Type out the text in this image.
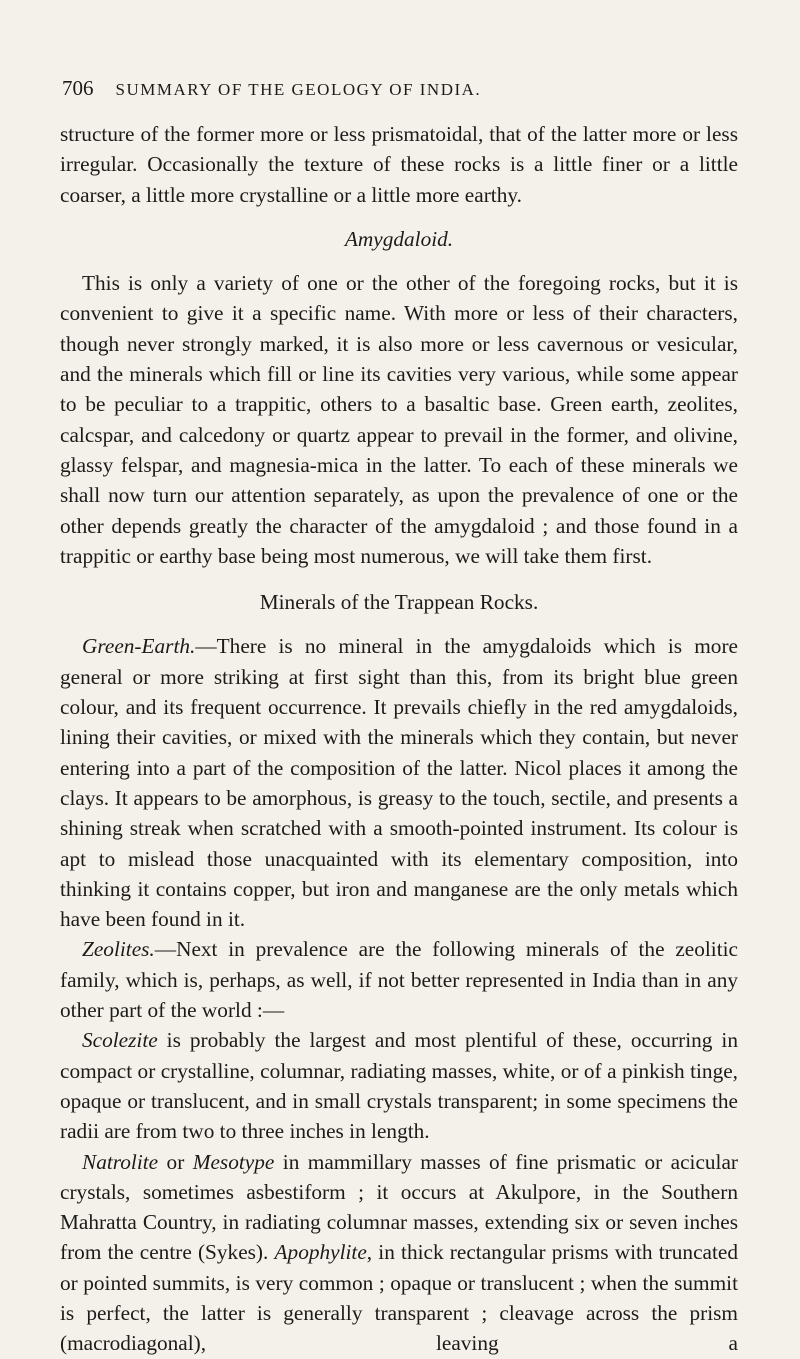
706 SUMMARY OF THE GEOLOGY OF INDIA.

structure of the former more or less prismatoidal, that of the latter more or less irregular. Occasionally the texture of these rocks is a little finer or a little coarser, a little more crystalline or a little more earthy.

Amygdaloid.

This is only a variety of one or the other of the foregoing rocks, but it is convenient to give it a specific name. With more or less of their characters, though never strongly marked, it is also more or less cavernous or vesicular, and the minerals which fill or line its cavities very various, while some appear to be peculiar to a trappitic, others to a basaltic base. Green earth, zeolites, calcspar, and calcedony or quartz appear to prevail in the former, and olivine, glassy felspar, and magnesia-mica in the latter. To each of these minerals we shall now turn our attention separately, as upon the prevalence of one or the other depends greatly the character of the amygdaloid ; and those found in a trappitic or earthy base being most numerous, we will take them first.

Minerals of the Trappean Rocks.

Green-Earth.—There is no mineral in the amygdaloids which is more general or more striking at first sight than this, from its bright blue green colour, and its frequent occurrence. It prevails chiefly in the red amygdaloids, lining their cavities, or mixed with the minerals which they contain, but never entering into a part of the composition of the latter. Nicol places it among the clays. It appears to be amorphous, is greasy to the touch, sectile, and presents a shining streak when scratched with a smooth-pointed instrument. Its colour is apt to mislead those unacquainted with its elementary composition, into thinking it contains copper, but iron and manganese are the only metals which have been found in it.

Zeolites.—Next in prevalence are the following minerals of the zeolitic family, which is, perhaps, as well, if not better represented in India than in any other part of the world :—

Scolezite is probably the largest and most plentiful of these, occurring in compact or crystalline, columnar, radiating masses, white, or of a pinkish tinge, opaque or translucent, and in small crystals transparent; in some specimens the radii are from two to three inches in length.

Natrolite or Mesotype in mammillary masses of fine prismatic or acicular crystals, sometimes asbestiform ; it occurs at Akulpore, in the Southern Mahratta Country, in radiating columnar masses, extending six or seven inches from the centre (Sykes). Apophylite, in thick rectangular prisms with truncated or pointed summits, is very common ; opaque or translucent ; when the summit is perfect, the latter is generally transparent ; cleavage across the prism (macrodiagonal), leaving a
